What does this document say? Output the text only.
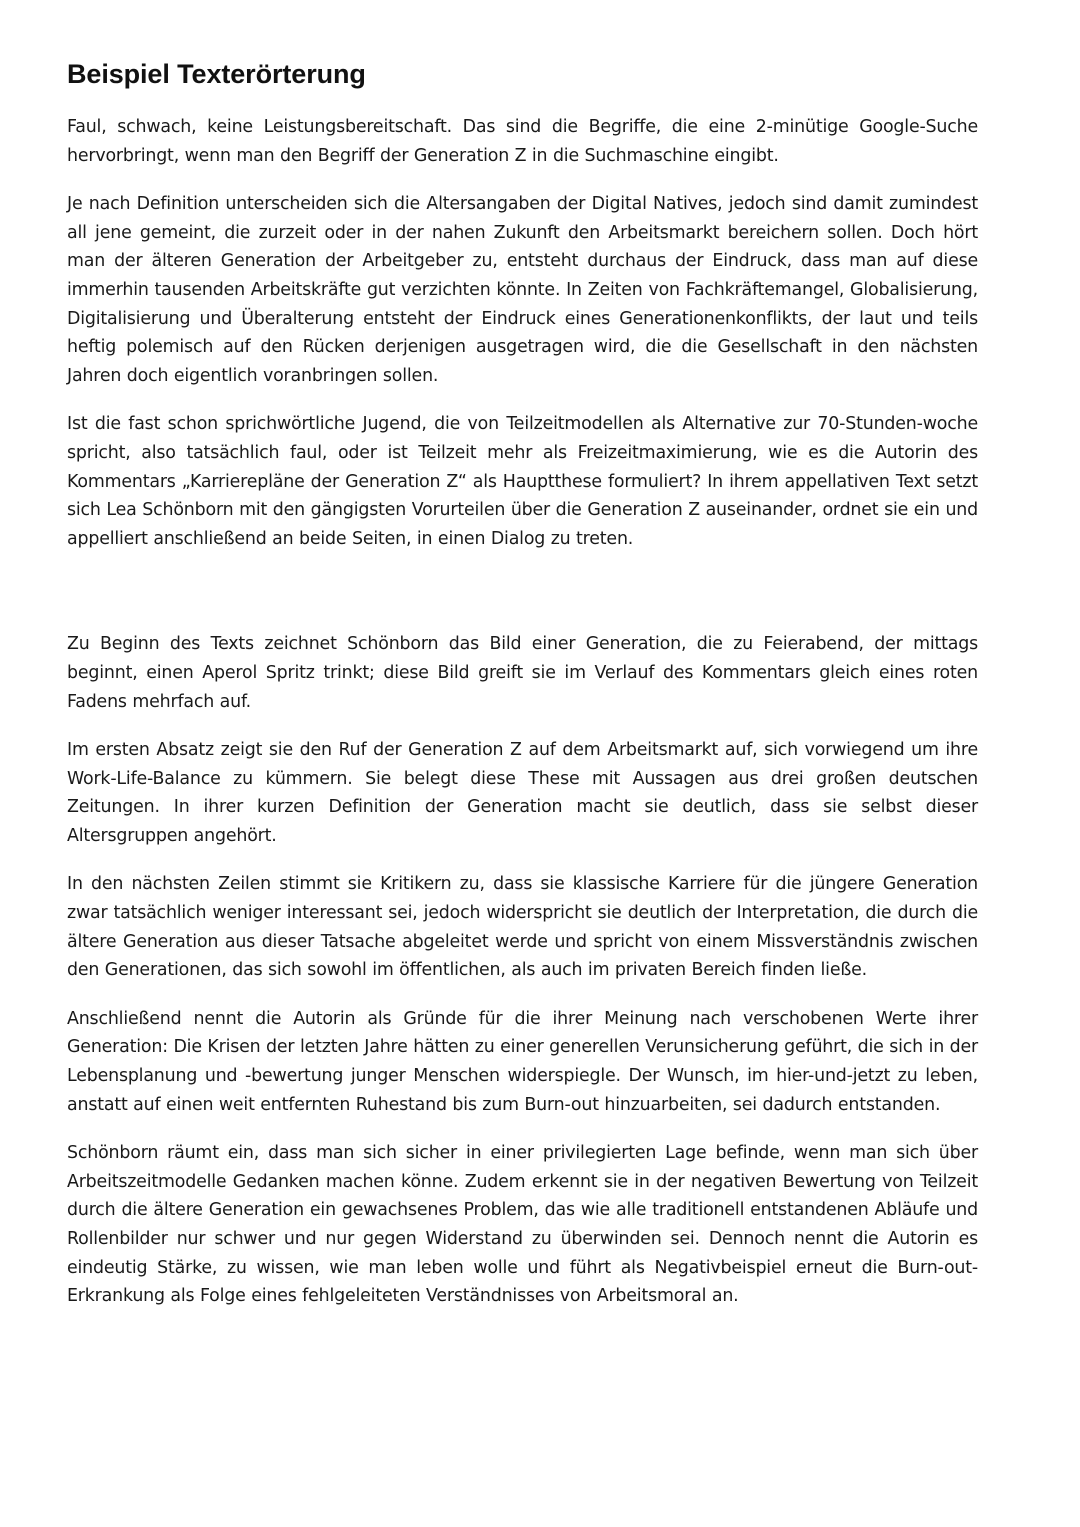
Beispiel Texterörterung

Faul, schwach, keine Leistungsbereitschaft. Das sind die Begriffe, die eine 2-minütige Google-Suche hervorbringt, wenn man den Begriff der Generation Z in die Suchmaschine eingibt.

Je nach Definition unterscheiden sich die Altersangaben der Digital Natives, jedoch sind damit zumindest all jene gemeint, die zurzeit oder in der nahen Zukunft den Arbeitsmarkt bereichern sollen. Doch hört man der älteren Generation der Arbeitgeber zu, entsteht durchaus der Eindruck, dass man auf diese immerhin tausenden Arbeitskräfte gut verzichten könnte. In Zeiten von Fachkräftemangel, Globalisierung, Digitalisierung und Überalterung entsteht der Eindruck eines Generationenkonflikts, der laut und teils heftig polemisch auf den Rücken derjenigen ausgetragen wird, die die Gesellschaft in den nächsten Jahren doch eigentlich voranbringen sollen.

Ist die fast schon sprichwörtliche Jugend, die von Teilzeitmodellen als Alternative zur 70-Stunden-woche spricht, also tatsächlich faul, oder ist Teilzeit mehr als Freizeitmaximierung, wie es die Autorin des Kommentars „Karrierepläne der Generation Z“ als Hauptthese formuliert? In ihrem appellativen Text setzt sich Lea Schönborn mit den gängigsten Vorurteilen über die Generation Z auseinander, ordnet sie ein und appelliert anschließend an beide Seiten, in einen Dialog zu treten.

Zu Beginn des Texts zeichnet Schönborn das Bild einer Generation, die zu Feierabend, der mittags beginnt, einen Aperol Spritz trinkt; diese Bild greift sie im Verlauf des Kommentars gleich eines roten Fadens mehrfach auf.

Im ersten Absatz zeigt sie den Ruf der Generation Z auf dem Arbeitsmarkt auf, sich vorwiegend um ihre Work-Life-Balance zu kümmern. Sie belegt diese These mit Aussagen aus drei großen deutschen Zeitungen. In ihrer kurzen Definition der Generation macht sie deutlich, dass sie selbst dieser Altersgruppen angehört.

In den nächsten Zeilen stimmt sie Kritikern zu, dass sie klassische Karriere für die jüngere Generation zwar tatsächlich weniger interessant sei, jedoch widerspricht sie deutlich der Interpretation, die durch die ältere Generation aus dieser Tatsache abgeleitet werde und spricht von einem Missverständnis zwischen den Generationen, das sich sowohl im öffentlichen, als auch im privaten Bereich finden ließe.

Anschließend nennt die Autorin als Gründe für die ihrer Meinung nach verschobenen Werte ihrer Generation: Die Krisen der letzten Jahre hätten zu einer generellen Verunsicherung geführt, die sich in der Lebensplanung und -bewertung junger Menschen widerspiegle. Der Wunsch, im hier-und-jetzt zu leben, anstatt auf einen weit entfernten Ruhestand bis zum Burn-out hinzuarbeiten, sei dadurch entstanden.

Schönborn räumt ein, dass man sich sicher in einer privilegierten Lage befinde, wenn man sich über Arbeitszeitmodelle Gedanken machen könne. Zudem erkennt sie in der negativen Bewertung von Teilzeit durch die ältere Generation ein gewachsenes Problem, das wie alle traditionell entstandenen Abläufe und Rollenbilder nur schwer und nur gegen Widerstand zu überwinden sei. Dennoch nennt die Autorin es eindeutig Stärke, zu wissen, wie man leben wolle und führt als Negativbeispiel erneut die Burn-out-Erkrankung als Folge eines fehlgeleiteten Verständnisses von Arbeitsmoral an.
